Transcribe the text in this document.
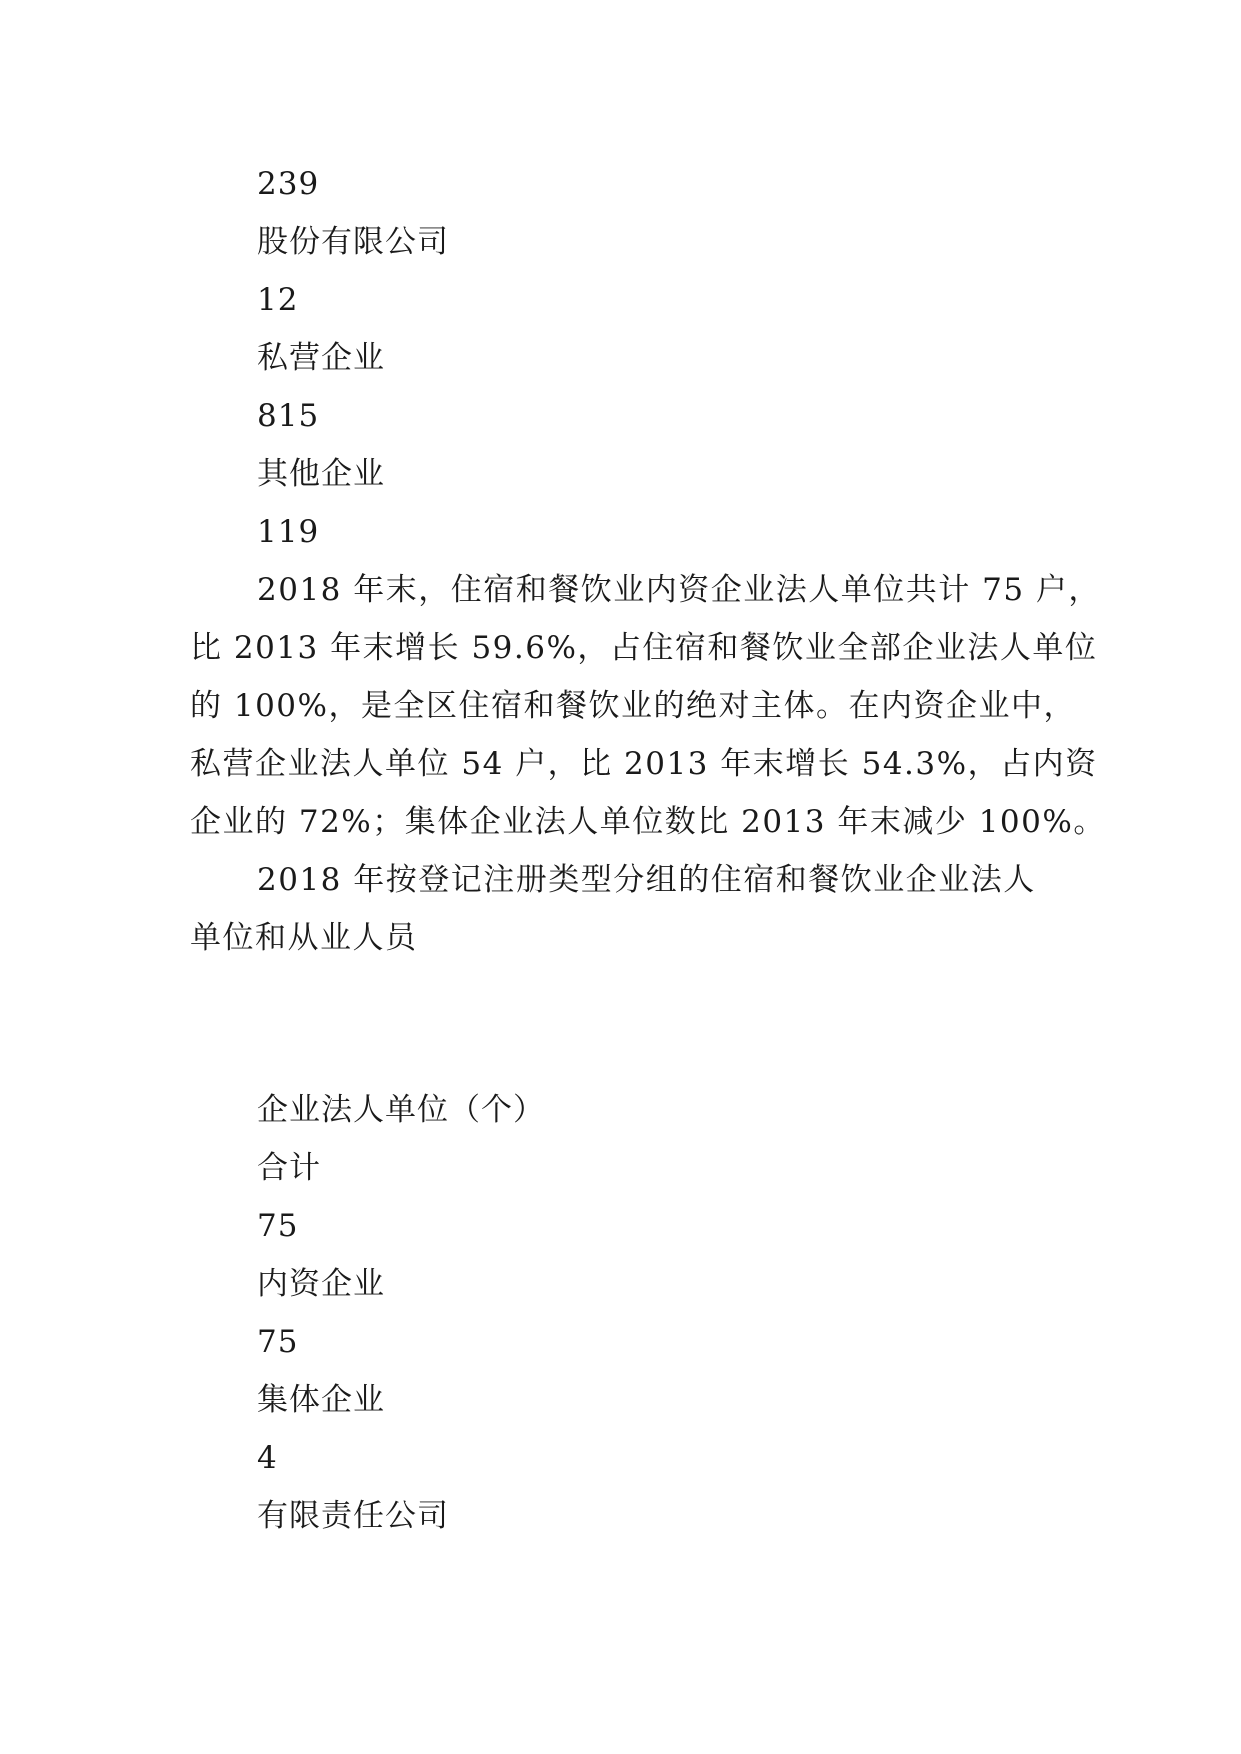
239
股份有限公司
12
私营企业
815
其他企业
119
2018 年末，住宿和餐饮业内资企业法人单位共计 75 户，
比 2013 年末增长 59.6%，占住宿和餐饮业全部企业法人单位
的 100%，是全区住宿和餐饮业的绝对主体。在内资企业中，
私营企业法人单位 54 户，比 2013 年末增长 54.3%，占内资
企业的 72%；集体企业法人单位数比 2013 年末减少 100%。
2018 年按登记注册类型分组的住宿和餐饮业企业法人
单位和从业人员
企业法人单位（个）
合计
75
内资企业
75
集体企业
4
有限责任公司
